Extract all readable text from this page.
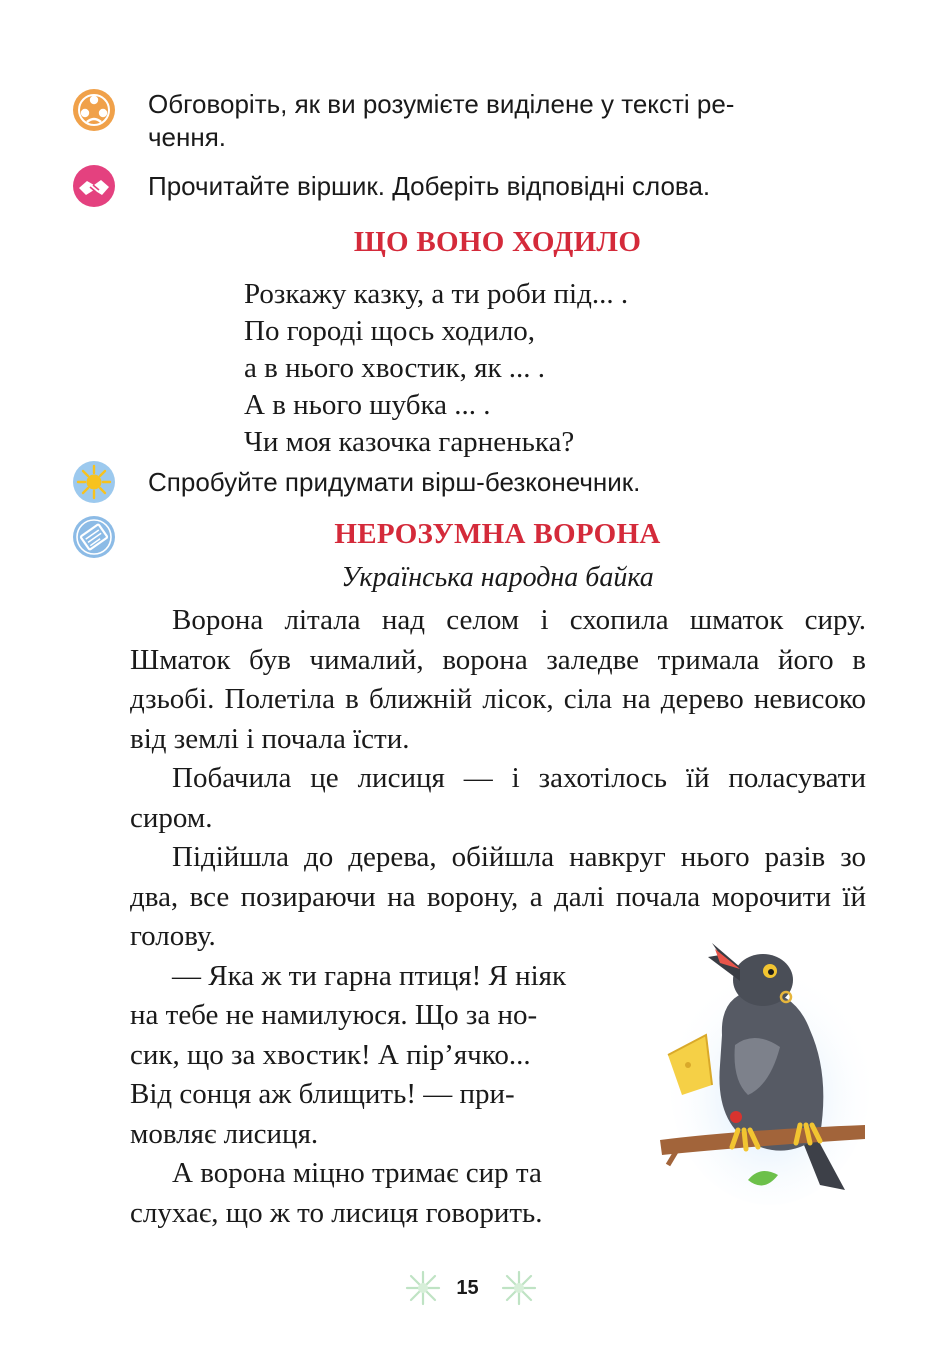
Обговоріть, як ви розумієте виділене у тексті ре-
чення.
Прочитайте віршик. Доберіть відповідні слова.
ЩО ВОНО ХОДИЛО
Розкажу казку, а ти роби під... .
По городі щось ходило,
а в нього хвостик, як ... .
А в нього шубка ... .
Чи моя казочка гарненька?
Спробуйте придумати вірш-безконечник.
НЕРОЗУМНА ВОРОНА
Українська народна байка

Ворона літала над селом і схопила шматок сиру. Шматок був чималий, ворона заледве тримала його в дзьобі. Полетіла в ближній лісок, сіла на дерево невисоко від землі і почала їсти.

Побачила це лисиця — і захотілось їй поласувати сиром.

Підійшла до дерева, обійшла навкруг нього разів зо два, все позираючи на ворону, а далі почала морочити їй голову.

— Яка ж ти гарна птиця! Я ніяк
на тебе не намилуюся. Що за но-
сик, що за хвостик! А пір’ячко...
Від сонця аж блищить! — при-
мовляє лисиця.
А ворона міцно тримає сир та
слухає, що ж то лисиця говорить.
15
